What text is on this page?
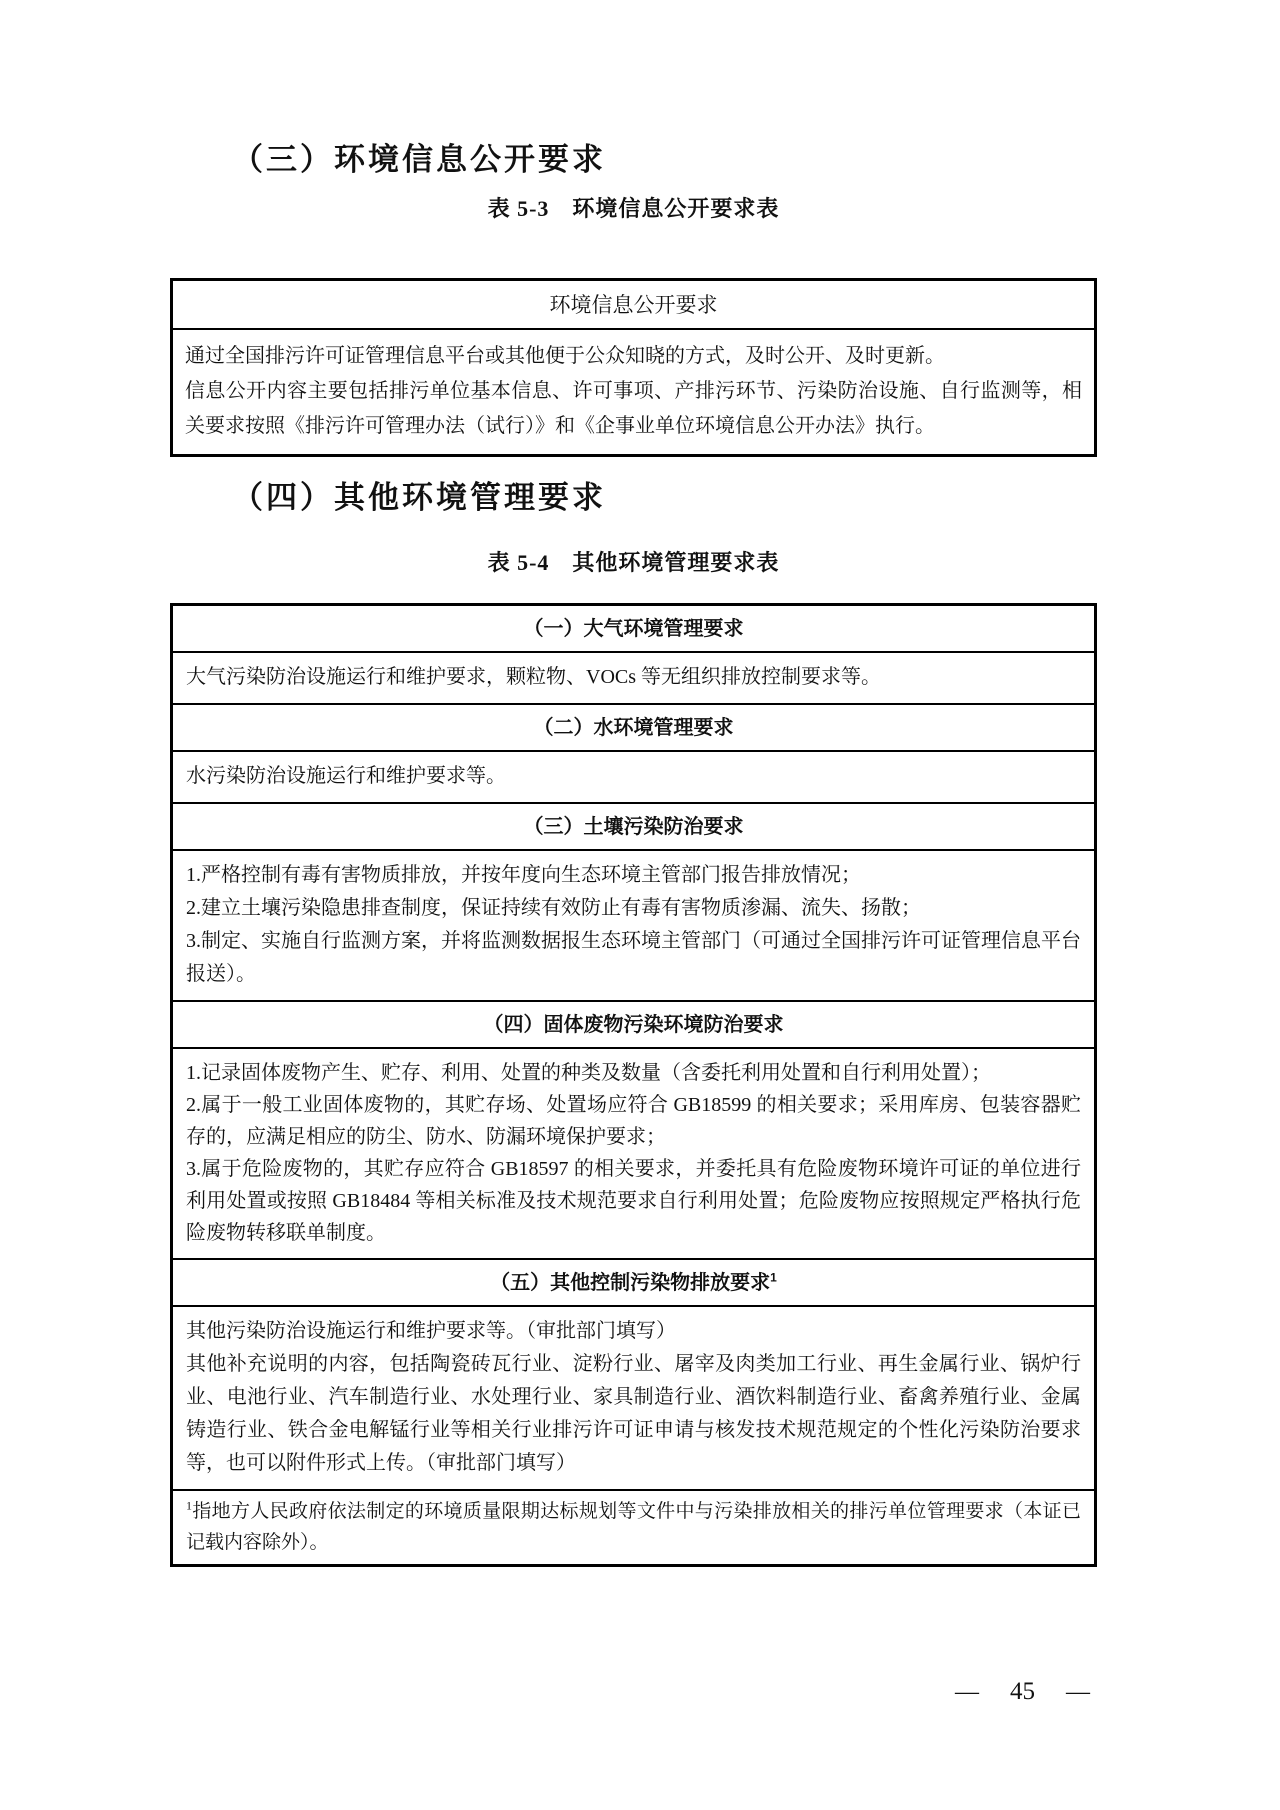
（三）环境信息公开要求
表 5-3　环境信息公开要求表
环境信息公开要求
通过全国排污许可证管理信息平台或其他便于公众知晓的方式，及时公开、及时更新。
信息公开内容主要包括排污单位基本信息、许可事项、产排污环节、污染防治设施、自行监测等，相关要求按照《排污许可管理办法（试行）》和《企事业单位环境信息公开办法》执行。
（四）其他环境管理要求
表 5-4　其他环境管理要求表
（一）大气环境管理要求
大气污染防治设施运行和维护要求，颗粒物、VOCs 等无组织排放控制要求等。
（二）水环境管理要求
水污染防治设施运行和维护要求等。
（三）土壤污染防治要求
1.严格控制有毒有害物质排放，并按年度向生态环境主管部门报告排放情况；
2.建立土壤污染隐患排查制度，保证持续有效防止有毒有害物质渗漏、流失、扬散；
3.制定、实施自行监测方案，并将监测数据报生态环境主管部门（可通过全国排污许可证管理信息平台报送）。
（四）固体废物污染环境防治要求
1.记录固体废物产生、贮存、利用、处置的种类及数量（含委托利用处置和自行利用处置）；
2.属于一般工业固体废物的，其贮存场、处置场应符合 GB18599 的相关要求；采用库房、包装容器贮存的，应满足相应的防尘、防水、防漏环境保护要求；
3.属于危险废物的，其贮存应符合 GB18597 的相关要求，并委托具有危险废物环境许可证的单位进行利用处置或按照 GB18484 等相关标准及技术规范要求自行利用处置；危险废物应按照规定严格执行危险废物转移联单制度。
（五）其他控制污染物排放要求$^1$
其他污染防治设施运行和维护要求等。（审批部门填写）
其他补充说明的内容，包括陶瓷砖瓦行业、淀粉行业、屠宰及肉类加工行业、再生金属行业、锅炉行业、电池行业、汽车制造行业、水处理行业、家具制造行业、酒饮料制造行业、畜禽养殖行业、金属铸造行业、铁合金电解锰行业等相关行业排污许可证申请与核发技术规范规定的个性化污染防治要求等，也可以附件形式上传。（审批部门填写）
$^1$指地方人民政府依法制定的环境质量限期达标规划等文件中与污染排放相关的排污单位管理要求（本证已记载内容除外）。
— 45 —
